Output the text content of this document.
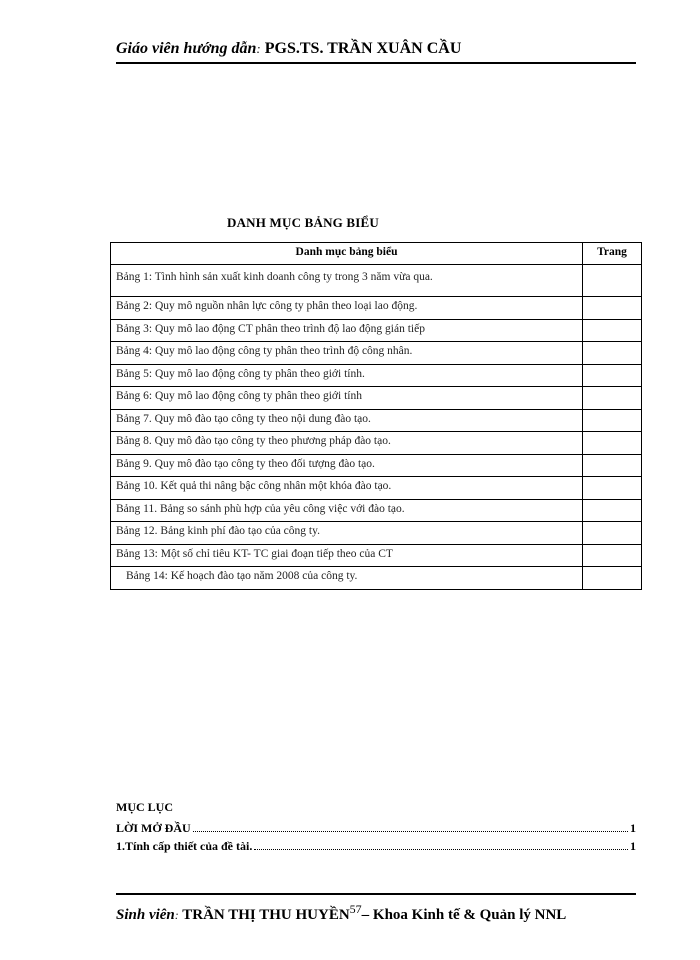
Giáo viên hướng dẫn: PGS.TS. TRẦN XUÂN CẦU
DANH MỤC BẢNG BIỂU
Danh mục bảng biểu	Trang
Bảng 1: Tình hình sản xuất kinh doanh công ty trong 3 năm vừa qua.	
Bảng 2: Quy mô nguồn nhân lực công ty phân theo loại lao động.	
Bảng 3: Quy mô lao động CT phân theo trình độ lao động gián tiếp	
Bảng 4: Quy mô lao động công ty phân theo trình độ công nhân.	
Bảng 5: Quy mô lao động công ty phân theo giới tính.	
Bảng 6: Quy mô lao động công ty phân theo giới tính	
Bảng 7. Quy mô đào tạo công ty theo nội dung đào tạo.	
Bảng 8. Quy mô đào tạo công ty theo phương pháp đào tạo.	
Bảng 9. Quy mô đào tạo công ty theo đối tượng đào tạo.	
Bảng 10. Kết quả thi nâng bậc công nhân một khóa đào tạo.	
Bảng 11. Bảng so sánh phù hợp của yêu công việc với đào tạo.	
Bảng 12. Bảng kinh phí đào tạo của công ty.	
Bảng 13: Một số chỉ tiêu KT- TC giai đoạn tiếp theo của CT	
Bảng 14: Kế hoạch đào tạo năm 2008 của công ty.	
MỤC LỤC
LỜI MỞ ĐẦU	1
1.Tính cấp thiết của đề tài.	1
Sinh viên: TRẦN THỊ THU HUYỀN$^{57}$– Khoa Kinh tế & Quản lý NNL
